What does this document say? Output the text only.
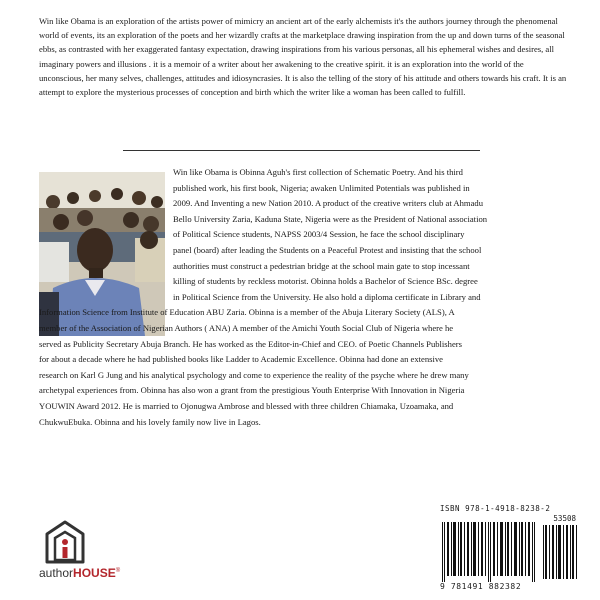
Win like Obama is an exploration of the artists power of mimicry an ancient art of the early alchemists it's the authors journey through the phenomenal world of events, its an exploration of the poets and her wizardly crafts at the marketplace drawing inspiration from the up and down turns of the seasonal ebbs, as contrasted with her exaggerated fantasy expectation, drawing inspirations from his various personas, all his ephemeral wishes and desires, all imaginary powers and illusions . it is a memoir of a writer about her awakening to the creative spirit. it is an exploration into the world of the unconscious, her many selves, challenges, attitudes and idiosyncrasies. It is also the telling of the story of his attitude and others towards his craft. It is an attempt to explore the mysterious processes of conception and birth which the writer like a woman has been called to fulfill.

Win like Obama is Obinna Aguh's first collection of Schematic Poetry. And his third
published work, his first book, Nigeria; awaken Unlimited Potentials was published in
2009. And Inventing a new Nation 2010. A product of the creative writers club at Ahmadu
Bello University Zaria, Kaduna State, Nigeria were as the President of National association
of Political Science students, NAPSS 2003/4 Session, he face the school disciplinary
panel (board) after leading the Students on a Peaceful Protest and insisting that the school
authorities must construct a pedestrian bridge at the school main gate to stop incessant
killing of students by reckless motorist. Obinna holds a Bachelor of Science BSc. degree
in Political Science from the University. He also hold a diploma certificate in Library and
Information Science from Institute of Education ABU Zaria. Obinna is a member of the Abuja Literary Society (ALS), A
member of the Association of Nigerian Authors ( ANA) A member of the Amichi Youth Social Club of Nigeria where he
served as Publicity Secretary Abuja Branch. He has worked as the Editor-in-Chief and CEO. of Poetic Channels Publishers
for about a decade where he had published books like Ladder to Academic Excellence. Obinna had done an extensive
research on Karl G Jung and his analytical psychology and come to experience the reality of the psyche where he drew many
archetypal experiences from. Obinna has also won a grant from the prestigious Youth Enterprise With Innovation in Nigeria
YOUWIN Award 2012. He is married to Ojonugwa Ambrose and blessed with three children Chiamaka, Uzoamaka, and
ChukwuEbuka. Obinna and his lovely family now live in Lagos.

authorHOUSE®
ISBN 978-1-4918-8238-2
53508
9 781491 882382
